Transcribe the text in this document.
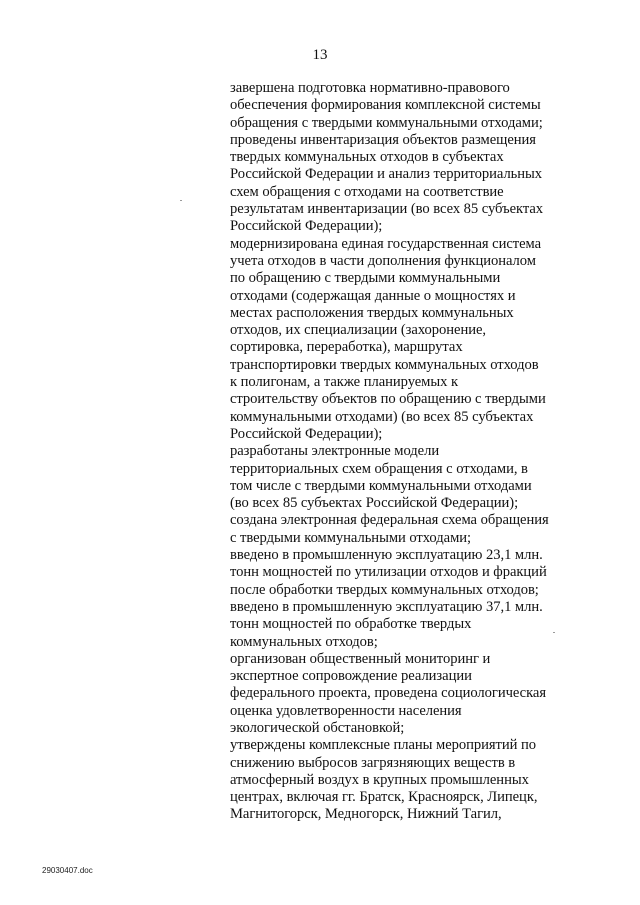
13
завершена подготовка нормативно-правового
обеспечения формирования комплексной системы
обращения с твердыми коммунальными отходами;
проведены инвентаризация объектов размещения
твердых коммунальных отходов в субъектах
Российской Федерации и анализ территориальных
схем обращения с отходами на соответствие
результатам инвентаризации (во всех 85 субъектах
Российской Федерации);
модернизирована единая государственная система
учета отходов в части дополнения функционалом
по обращению с твердыми коммунальными
отходами (содержащая данные о мощностях и
местах расположения твердых коммунальных
отходов, их специализации (захоронение,
сортировка, переработка), маршрутах
транспортировки твердых коммунальных отходов
к полигонам, а также планируемых к
строительству объектов по обращению с твердыми
коммунальными отходами) (во всех 85 субъектах
Российской Федерации);
разработаны электронные модели
территориальных схем обращения с отходами, в
том числе с твердыми коммунальными отходами
(во всех 85 субъектах Российской Федерации);
создана электронная федеральная схема обращения
с твердыми коммунальными отходами;
введено в промышленную эксплуатацию 23,1 млн.
тонн мощностей по утилизации отходов и фракций
после обработки твердых коммунальных отходов;
введено в промышленную эксплуатацию 37,1 млн.
тонн мощностей по обработке твердых
коммунальных отходов;
организован общественный мониторинг и
экспертное сопровождение реализации
федерального проекта, проведена социологическая
оценка удовлетворенности населения
экологической обстановкой;
утверждены комплексные планы мероприятий по
снижению выбросов загрязняющих веществ в
атмосферный воздух в крупных промышленных
центрах, включая гг. Братск, Красноярск, Липецк,
Магнитогорск, Медногорск, Нижний Тагил,
29030407.doc
